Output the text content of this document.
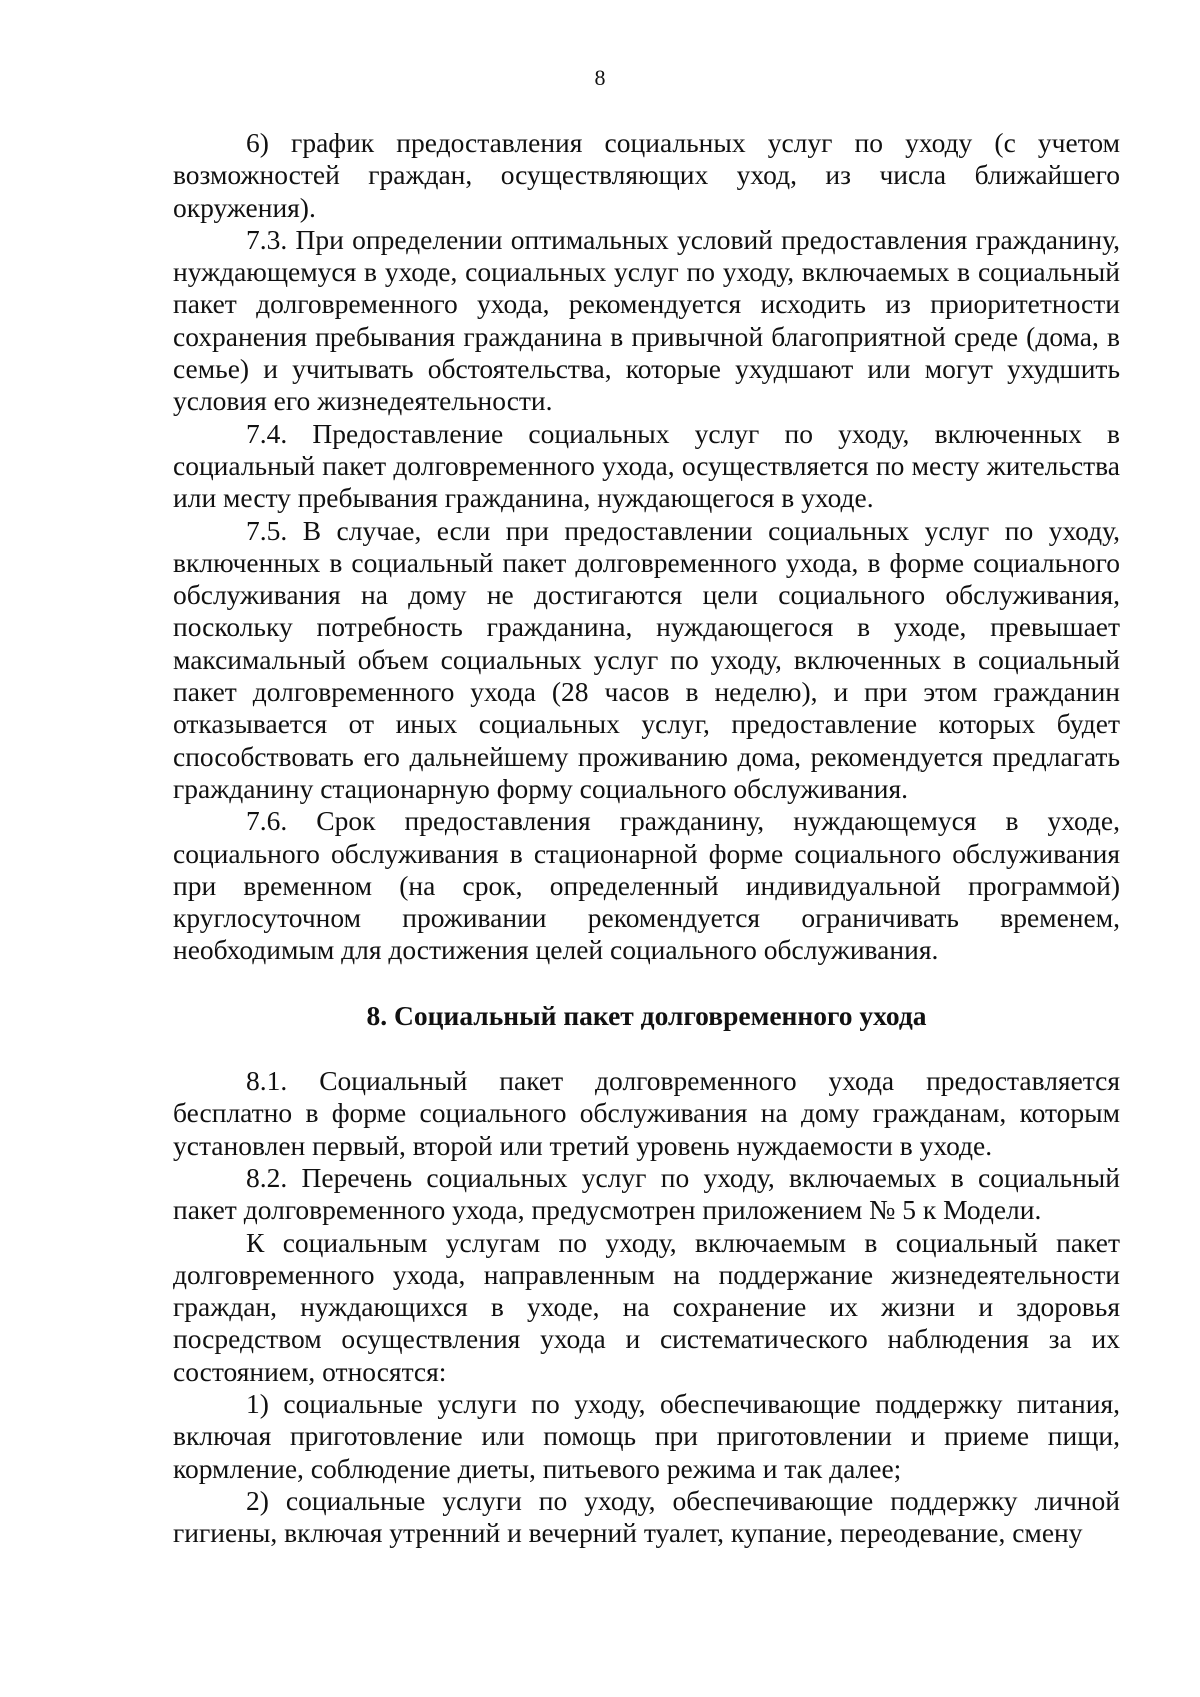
8

6) график предоставления социальных услуг по уходу (с учетом возможностей граждан, осуществляющих уход, из числа ближайшего окружения).

7.3. При определении оптимальных условий предоставления гражданину, нуждающемуся в уходе, социальных услуг по уходу, включаемых в социальный пакет долговременного ухода, рекомендуется исходить из приоритетности сохранения пребывания гражданина в привычной благоприятной среде (дома, в семье) и учитывать обстоятельства, которые ухудшают или могут ухудшить условия его жизнедеятельности.

7.4. Предоставление социальных услуг по уходу, включенных в социальный пакет долговременного ухода, осуществляется по месту жительства или месту пребывания гражданина, нуждающегося в уходе.

7.5. В случае, если при предоставлении социальных услуг по уходу, включенных в социальный пакет долговременного ухода, в форме социального обслуживания на дому не достигаются цели социального обслуживания, поскольку потребность гражданина, нуждающегося в уходе, превышает максимальный объем социальных услуг по уходу, включенных в социальный пакет долговременного ухода (28 часов в неделю), и при этом гражданин отказывается от иных социальных услуг, предоставление которых будет способствовать его дальнейшему проживанию дома, рекомендуется предлагать гражданину стационарную форму социального обслуживания.

7.6. Срок предоставления гражданину, нуждающемуся в уходе, социального обслуживания в стационарной форме социального обслуживания при временном (на срок, определенный индивидуальной программой) круглосуточном проживании рекомендуется ограничивать временем, необходимым для достижения целей социального обслуживания.

8. Социальный пакет долговременного ухода

8.1. Социальный пакет долговременного ухода предоставляется бесплатно в форме социального обслуживания на дому гражданам, которым установлен первый, второй или третий уровень нуждаемости в уходе.

8.2. Перечень социальных услуг по уходу, включаемых в социальный пакет долговременного ухода, предусмотрен приложением № 5 к Модели.

К социальным услугам по уходу, включаемым в социальный пакет долговременного ухода, направленным на поддержание жизнедеятельности граждан, нуждающихся в уходе, на сохранение их жизни и здоровья посредством осуществления ухода и систематического наблюдения за их состоянием, относятся:

1) социальные услуги по уходу, обеспечивающие поддержку питания, включая приготовление или помощь при приготовлении и приеме пищи, кормление, соблюдение диеты, питьевого режима и так далее;

2) социальные услуги по уходу, обеспечивающие поддержку личной гигиены, включая утренний и вечерний туалет, купание, переодевание, смену
